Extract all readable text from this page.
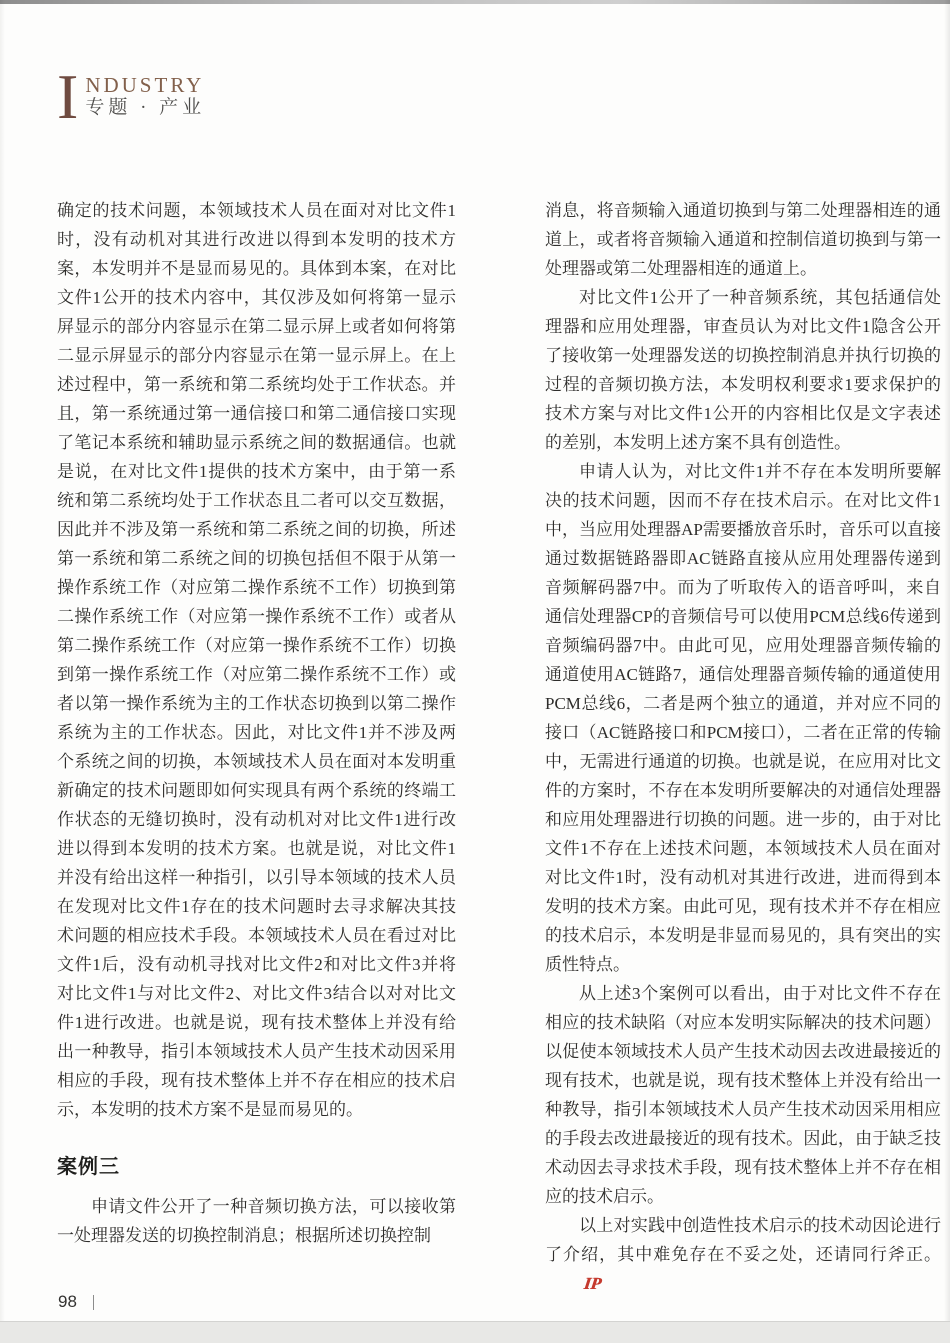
I NDUSTRY
专题 · 产业

确定的技术问题，本领域技术人员在面对对比文件1时，没有动机对其进行改进以得到本发明的技术方案，本发明并不是显而易见的。具体到本案，在对比文件1公开的技术内容中，其仅涉及如何将第一显示屏显示的部分内容显示在第二显示屏上或者如何将第二显示屏显示的部分内容显示在第一显示屏上。在上述过程中，第一系统和第二系统均处于工作状态。并且，第一系统通过第一通信接口和第二通信接口实现了笔记本系统和辅助显示系统之间的数据通信。也就是说，在对比文件1提供的技术方案中，由于第一系统和第二系统均处于工作状态且二者可以交互数据，因此并不涉及第一系统和第二系统之间的切换，所述第一系统和第二系统之间的切换包括但不限于从第一操作系统工作（对应第二操作系统不工作）切换到第二操作系统工作（对应第一操作系统不工作）或者从第二操作系统工作（对应第一操作系统不工作）切换到第一操作系统工作（对应第二操作系统不工作）或者以第一操作系统为主的工作状态切换到以第二操作系统为主的工作状态。因此，对比文件1并不涉及两个系统之间的切换，本领域技术人员在面对本发明重新确定的技术问题即如何实现具有两个系统的终端工作状态的无缝切换时，没有动机对对比文件1进行改进以得到本发明的技术方案。也就是说，对比文件1并没有给出这样一种指引，以引导本领域的技术人员在发现对比文件1存在的技术问题时去寻求解决其技术问题的相应技术手段。本领域技术人员在看过对比文件1后，没有动机寻找对比文件2和对比文件3并将对比文件1与对比文件2、对比文件3结合以对对比文件1进行改进。也就是说，现有技术整体上并没有给出一种教导，指引本领域技术人员产生技术动因采用相应的手段，现有技术整体上并不存在相应的技术启示，本发明的技术方案不是显而易见的。

案例三

申请文件公开了一种音频切换方法，可以接收第一处理器发送的切换控制消息；根据所述切换控制

消息，将音频输入通道切换到与第二处理器相连的通道上，或者将音频输入通道和控制信道切换到与第一处理器或第二处理器相连的通道上。

对比文件1公开了一种音频系统，其包括通信处理器和应用处理器，审查员认为对比文件1隐含公开了接收第一处理器发送的切换控制消息并执行切换的过程的音频切换方法，本发明权利要求1要求保护的技术方案与对比文件1公开的内容相比仅是文字表述的差别，本发明上述方案不具有创造性。

申请人认为，对比文件1并不存在本发明所要解决的技术问题，因而不存在技术启示。在对比文件1中，当应用处理器AP需要播放音乐时，音乐可以直接通过数据链路器即AC链路直接从应用处理器传递到音频解码器7中。而为了听取传入的语音呼叫，来自通信处理器CP的音频信号可以使用PCM总线6传递到音频编码器7中。由此可见，应用处理器音频传输的通道使用AC链路7，通信处理器音频传输的通道使用PCM总线6，二者是两个独立的通道，并对应不同的接口（AC链路接口和PCM接口），二者在正常的传输中，无需进行通道的切换。也就是说，在应用对比文件的方案时，不存在本发明所要解决的对通信处理器和应用处理器进行切换的问题。进一步的，由于对比文件1不存在上述技术问题，本领域技术人员在面对对比文件1时，没有动机对其进行改进，进而得到本发明的技术方案。由此可见，现有技术并不存在相应的技术启示，本发明是非显而易见的，具有突出的实质性特点。

从上述3个案例可以看出，由于对比文件不存在相应的技术缺陷（对应本发明实际解决的技术问题）以促使本领域技术人员产生技术动因去改进最接近的现有技术，也就是说，现有技术整体上并没有给出一种教导，指引本领域技术人员产生技术动因采用相应的手段去改进最接近的现有技术。因此，由于缺乏技术动因去寻求技术手段，现有技术整体上并不存在相应的技术启示。

以上对实践中创造性技术启示的技术动因论进行了介绍，其中难免存在不妥之处，还请同行斧正。IP

98
